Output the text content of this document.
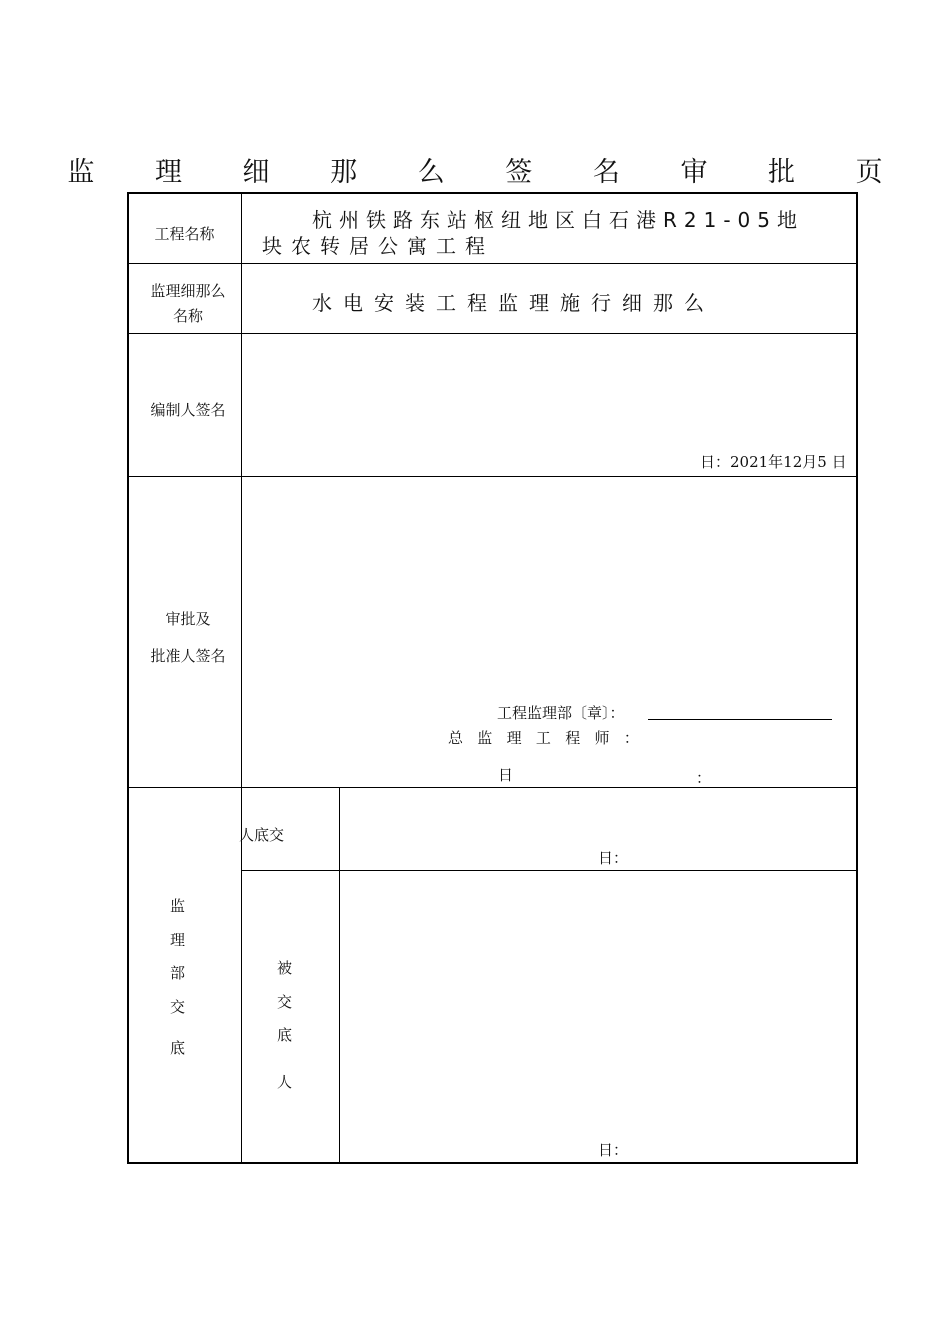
监 理 细 那 么 签 名 审 批 页
工程名称
杭州铁路东站枢纽地区白石港R21-05地
块农转居公寓工程
监理细那么
名称
水电安装工程监理施行细那么
编制人签名
日：2021年12月5 日
审批及
批准人签名
工程监理部〔章〕：
总   监   理   工   程   师   ：
日	：
监
理
部
交
底
人底交
日：
被
交
底
人
日：
